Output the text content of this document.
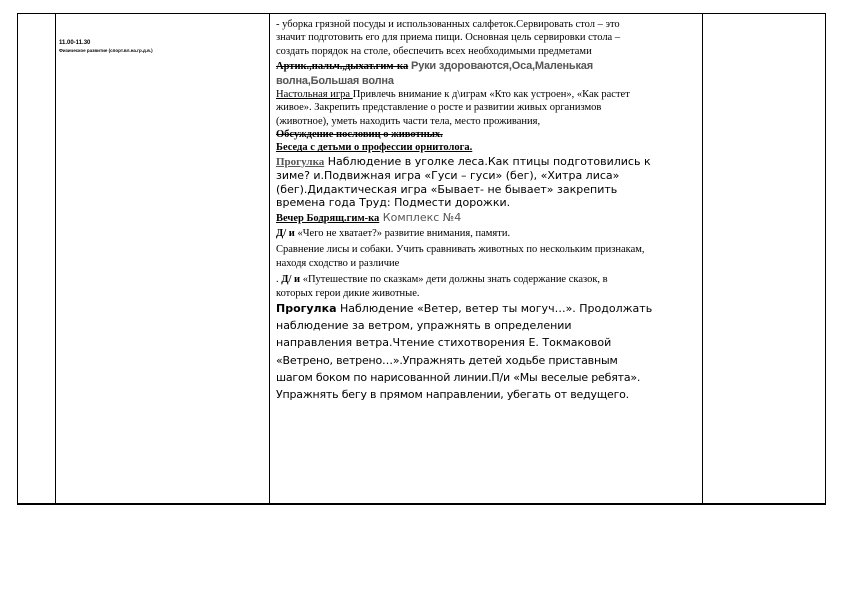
11.00-11.30
Физическое развитие (спорт.вл.на.гр.д.в.)

- уборка грязной посуды и использованных салфеток.Сервировать стол – это
значит подготовить его для приема пищи. Основная цель сервировки стола –
создать порядок на столе, обеспечить всех необходимыми предметами
Артик.,пальч.,дыхат.гим-ка Руки здороваются,Оса,Маленькая
волна,Большая волна
Настольная игра Привлечь внимание к д\играм «Кто как устроен», «Как растет
живое». Закрепить представление о росте и развитии живых организмов
(животное), уметь находить части тела, место проживания,
Обсуждение пословиц о животных.
Беседа с детьми о профессии орнитолога.
Прогулка Наблюдение в уголке леса.Как птицы подготовились к
зиме? и.Подвижная игра «Гуси – гуси» (бег), «Хитра лиса»
(бег).Дидактическая игра «Бывает- не бывает» закрепить
времена года Труд: Подмести дорожки.
Вечер Бодрящ.гим-ка Комплекс №4
Д/ и «Чего не хватает?» развитие внимания, памяти.
Сравнение лисы и собаки. Учить сравнивать животных по нескольким признакам,
находя сходство и различие
. Д/ и «Путешествие по сказкам» дети должны знать содержание сказок, в
которых герои дикие животные.
Прогулка Наблюдение «Ветер, ветер ты могуч…». Продолжать
наблюдение за ветром, упражнять в определении
направления ветра.Чтение стихотворения Е. Токмаковой
«Ветрено, ветрено…».Упражнять детей ходьбе приставным
шагом боком по нарисованной линии.П/и «Мы веселые ребята».
Упражнять бегу в прямом направлении, убегать от ведущего.
